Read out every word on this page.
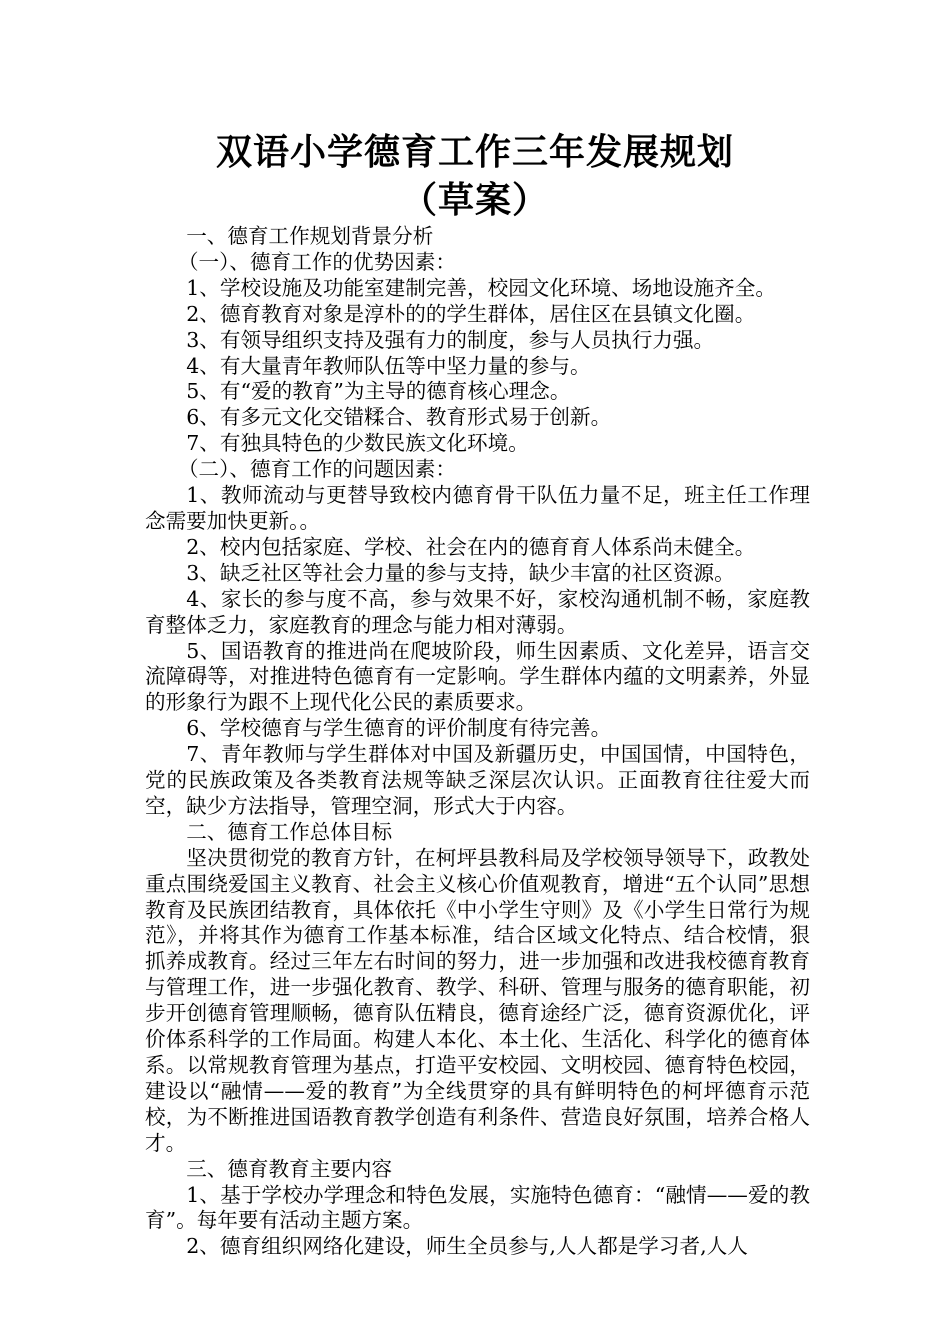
双语小学德育工作三年发展规划
（草案）

一、德育工作规划背景分析

（一）、德育工作的优势因素：

1、学校设施及功能室建制完善，校园文化环境、场地设施齐全。

2、德育教育对象是淳朴的的学生群体，居住区在县镇文化圈。

3、有领导组织支持及强有力的制度，参与人员执行力强。

4、有大量青年教师队伍等中坚力量的参与。

5、有“爱的教育”为主导的德育核心理念。

6、有多元文化交错糅合、教育形式易于创新。

7、有独具特色的少数民族文化环境。

（二）、德育工作的问题因素：

1、教师流动与更替导致校内德育骨干队伍力量不足，班主任工作理念需要加快更新。。

2、校内包括家庭、学校、社会在内的德育育人体系尚未健全。

3、缺乏社区等社会力量的参与支持，缺少丰富的社区资源。

4、家长的参与度不高，参与效果不好，家校沟通机制不畅，家庭教育整体乏力，家庭教育的理念与能力相对薄弱。

5、国语教育的推进尚在爬坡阶段，师生因素质、文化差异，语言交流障碍等，对推进特色德育有一定影响。学生群体内蕴的文明素养，外显的形象行为跟不上现代化公民的素质要求。

6、学校德育与学生德育的评价制度有待完善。

7、青年教师与学生群体对中国及新疆历史，中国国情，中国特色，党的民族政策及各类教育法规等缺乏深层次认识。正面教育往往爱大而空，缺少方法指导，管理空洞，形式大于内容。

二、德育工作总体目标

坚决贯彻党的教育方针，在柯坪县教科局及学校领导领导下，政教处重点围绕爱国主义教育、社会主义核心价值观教育，增进“五个认同”思想教育及民族团结教育，具体依托《中小学生守则》及《小学生日常行为规范》，并将其作为德育工作基本标准，结合区域文化特点、结合校情，狠抓养成教育。经过三年左右时间的努力，进一步加强和改进我校德育教育与管理工作，进一步强化教育、教学、科研、管理与服务的德育职能，初步开创德育管理顺畅，德育队伍精良，德育途经广泛，德育资源优化，评价体系科学的工作局面。构建人本化、本土化、生活化、科学化的德育体系。以常规教育管理为基点，打造平安校园、文明校园、德育特色校园，建设以“融情——爱的教育”为全线贯穿的具有鲜明特色的柯坪德育示范校，为不断推进国语教育教学创造有利条件、营造良好氛围，培养合格人才。

三、德育教育主要内容

1、基于学校办学理念和特色发展，实施特色德育：“融情——爱的教育”。每年要有活动主题方案。

2、德育组织网络化建设，师生全员参与,人人都是学习者,人人
